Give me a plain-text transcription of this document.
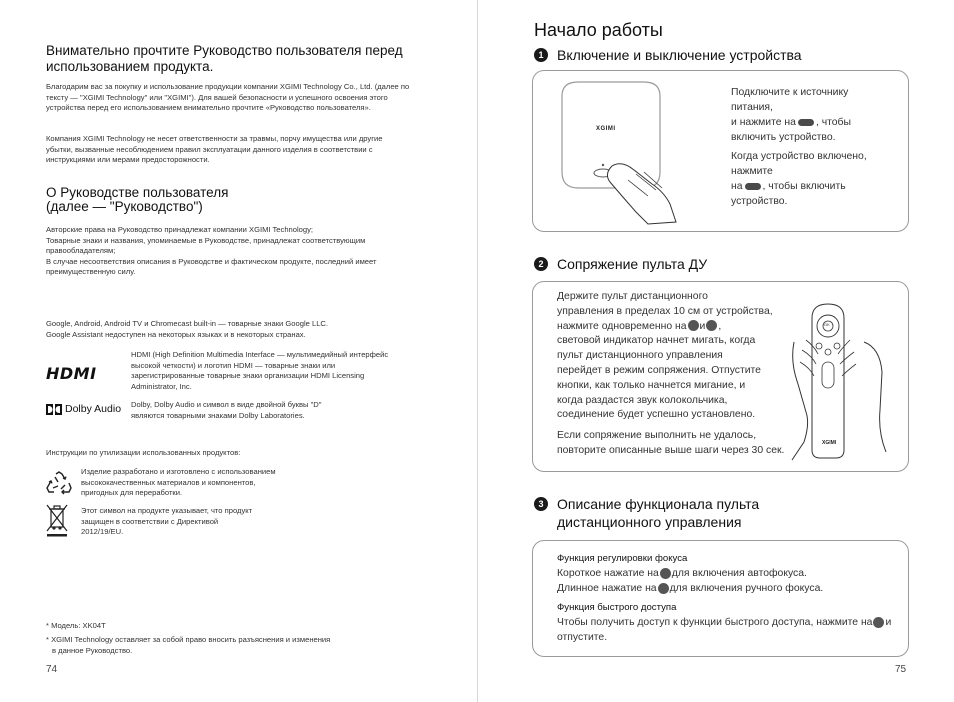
Внимательно прочтите Руководство пользователя перед использованием продукта.
Благодарим вас за покупку и использование продукции компании XGIMI Technology Co., Ltd. (далее по тексту — "XGIMI Technology" или "XGIMI"). Для вашей безопасности и успешного освоения этого устройства перед его использованием внимательно прочтите «Руководство пользователя».
Компания XGIMI Technology не несет ответственности за травмы, порчу имущества или другие убытки, вызванные несоблюдением правил эксплуатации данного изделия в соответствии с инструкциями или мерами предосторожности.
О Руководстве пользователя
(далее — "Руководство")
Авторские права на Руководство принадлежат компании XGIMI Technology;
Товарные знаки и названия, упоминаемые в Руководстве, принадлежат соответствующим правообладателям;
В случае несоответствия описания в Руководстве и фактическом продукте, последний имеет преимущественную силу.
Google, Android, Android TV и Chromecast built-in — товарные знаки Google LLC.
Google Assistant недоступен на некоторых языках и в некоторых странах.
HDMI
HDMI (High Definition Multimedia Interface — мультимедийный интерфейс высокой четкости) и логотип HDMI — товарные знаки или зарегистрированные товарные знаки организации HDMI Licensing Administrator, Inc.
Dolby Audio Dolby, Dolby Audio и символ в виде двойной буквы "D" являются товарными знаками Dolby Laboratories.
Инструкции по утилизации использованных продуктов:
Изделие разработано и изготовлено с использованием высококачественных материалов и компонентов, пригодных для переработки.
Этот символ на продукте указывает, что продукт защищен в соответствии с Директивой 2012/19/EU.
* Модель: XK04T
* XGIMI Technology оставляет за собой право вносить разъяснения и изменения
в данное Руководство.
74
Начало работы
1 Включение и выключение устройства
XGIMI
Подключите к источнику
питания,
и нажмите на , чтобы
включить устройство.
Когда устройство включено,
нажмите
на , чтобы включить
устройство.
2 Сопряжение пульта ДУ
Держите пульт дистанционного
управления в пределах 10 см от устройства,
нажмите одновременно на и ,
световой индикатор начнет мигать, когда
пульт дистанционного управления
перейдет в режим сопряжения. Отпустите
кнопки, как только начнется мигание, и
когда раздастся звук колокольчика,
соединение будет успешно установлено.
Если сопряжение выполнить не удалось,
повторите описанные выше шаги через 30 сек.
OK
XGIMI
3 Описание функционала пульта
дистанционного управления
Функция регулировки фокуса
Короткое нажатие на для включения автофокуса.
Длинное нажатие на для включения ручного фокуса.
Функция быстрого доступа
Чтобы получить доступ к функции быстрого доступа, нажмите на и
отпустите.
75
